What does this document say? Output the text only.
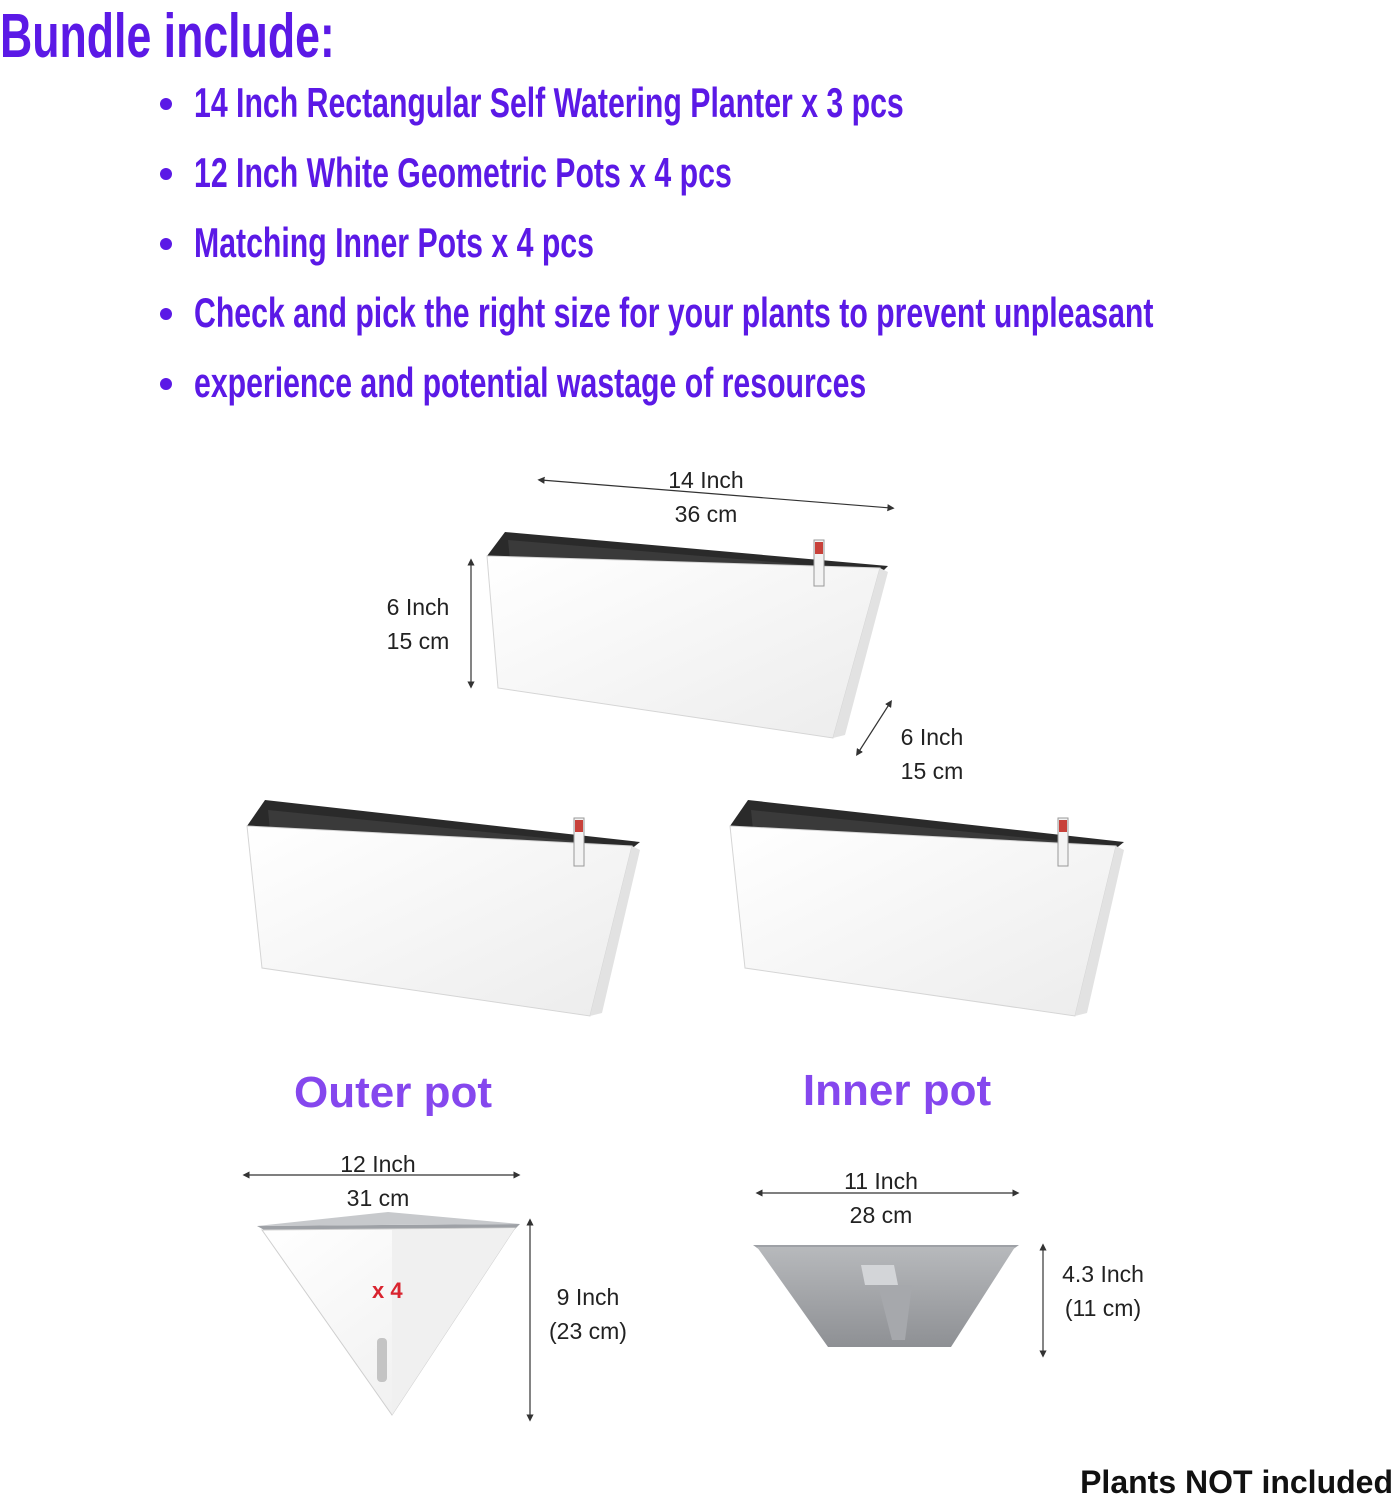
Bundle include:
14 Inch Rectangular Self Watering Planter x 3 pcs
12 Inch White Geometric Pots x 4 pcs
Matching Inner Pots x 4 pcs
Check and pick the right size for your plants to prevent unpleasant
experience and potential wastage of resources
14 Inch
36 cm
6 Inch
15 cm
6 Inch
15 cm
Outer pot
12 Inch
31 cm
x 4	9 Inch
(23 cm)
Inner pot
11 Inch
28 cm
4.3 Inch
(11 cm)
Plants NOT included
